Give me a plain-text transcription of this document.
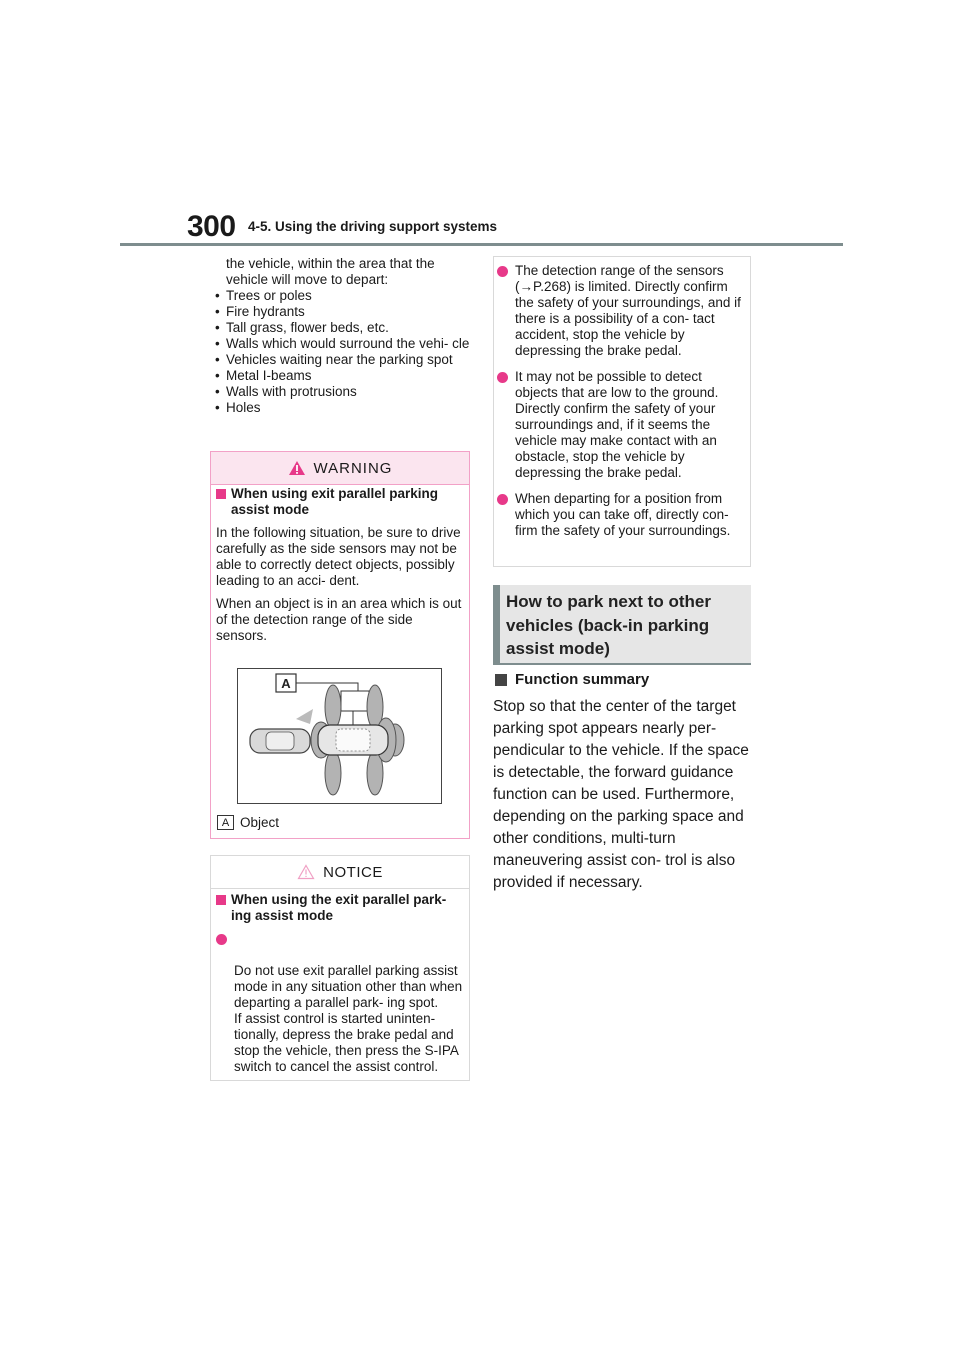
300 4-5. Using the driving support systems
the vehicle, within the area that the vehicle will move to depart:
• Trees or poles
• Fire hydrants
• Tall grass, flower beds, etc.
• Walls which would surround the vehi- cle
• Vehicles waiting near the parking spot
• Metal I-beams
• Walls with protrusions
• Holes
WARNING

When using exit parallel parking assist mode

In the following situation, be sure to drive carefully as the side sensors may not be able to correctly detect objects, possibly leading to an acci- dent.

When an object is in an area which is out of the detection range of the side sensors.

A
A Object
NOTICE

When using the exit parallel park- ing assist mode

Do not use exit parallel parking assist mode in any situation other than when departing a parallel park- ing spot.
If assist control is started uninten- tionally, depress the brake pedal and stop the vehicle, then press the S-IPA switch to cancel the assist control.

The detection range of the sensors (→P.268) is limited. Directly confirm the safety of your surroundings, and if there is a possibility of a con- tact accident, stop the vehicle by depressing the brake pedal.

It may not be possible to detect objects that are low to the ground. Directly confirm the safety of your surroundings and, if it seems the vehicle may make contact with an obstacle, stop the vehicle by depressing the brake pedal.

When departing for a position from which you can take off, directly con- firm the safety of your surroundings.

How to park next to other vehicles (back-in parking assist mode)
Function summary
Stop so that the center of the target parking spot appears nearly per- pendicular to the vehicle. If the space is detectable, the forward guidance function can be used. Furthermore, depending on the parking space and other conditions, multi-turn maneuvering assist con- trol is also provided if necessary.
